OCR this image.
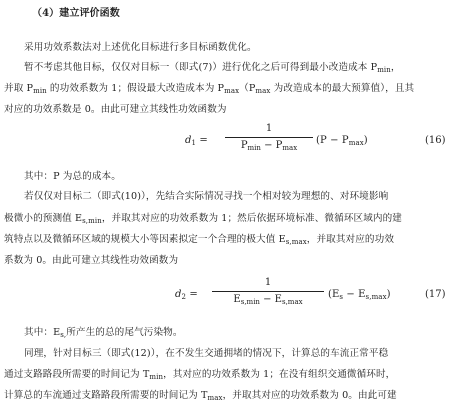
（4）建立评价函数
采用功效系数法对上述优化目标进行多目标函数优化。
暂不考虑其他目标，仅仅对目标一（即式(7)）进行优化之后可得到最小改造成本 $P_{min}$，
并取 $P_{min}$ 的功效系数为 1；假设最大改造成本为 $P_{max}(P_{max}$ 为改造成本的最大预算值），且其
对应的功效系数是 0。由此可建立其线性功效函数为
$d_1$ =
1
$P_{min} - P_{max}$
$(P - P_{max})$	(16)
其中：P 为总的成本。
若仅仅对目标二（即式(10)），先结合实际情况寻找一个相对较为理想的、对环境影响
极微小的预测值 $E_{s,min}$，并取其对应的功效系数为 1；然后依据环境标准、微循环区域内的建
筑特点以及微循环区域的规模大小等因素拟定一个合理的极大值 $E_{s,max}$，并取其对应的功效
系数为 0。由此可建立其线性功效函数为
$d_2$ =
1
$E_{s,min} - E_{s,max}$
$(E_s - E_{s,max})$	(17)
其中：$E_{s,}$所产生的总的尾气污染物。
同理，针对目标三（即式(12)），在不发生交通拥堵的情况下，计算总的车流正常平稳
通过支路路段所需要的时间记为 $T_{min}$，其对应的功效系数为 1；在没有组织交通微循环时，
计算总的车流通过支路路段所需要的时间记为 $T_{max}$，并取其对应的功效系数为 0。由此可建
